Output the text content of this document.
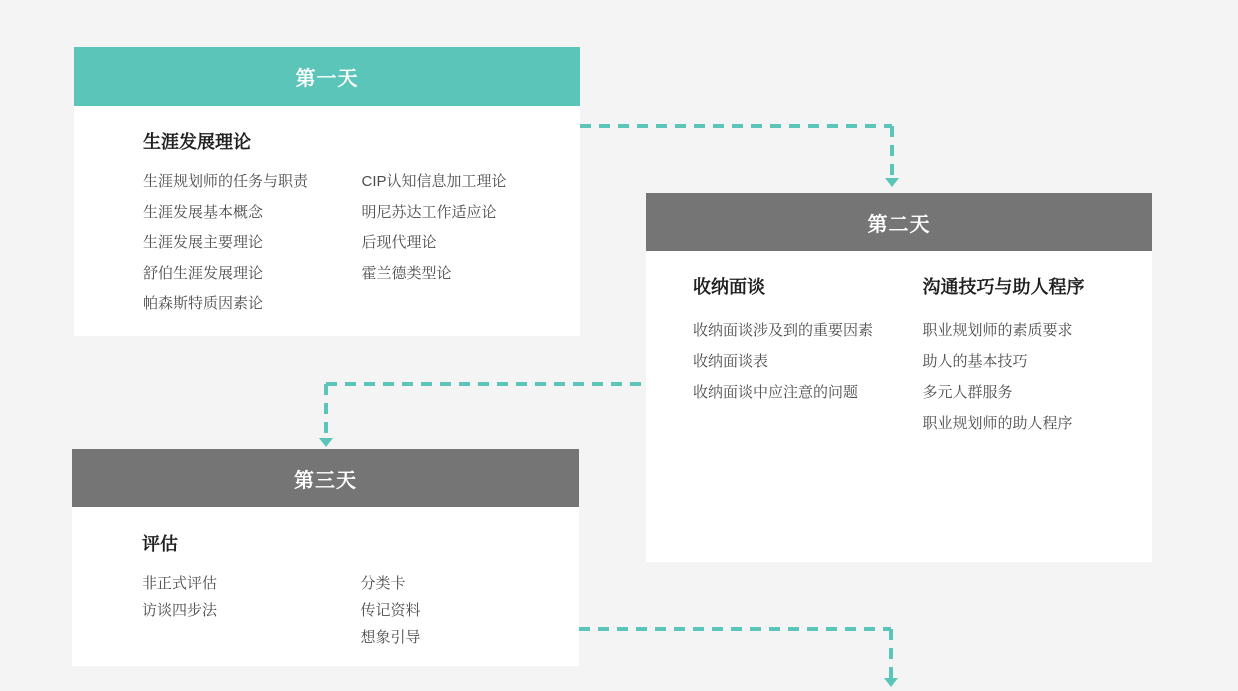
第一天
生涯发展理论
生涯规划师的任务与职责
生涯发展基本概念
生涯发展主要理论
舒伯生涯发展理论
帕森斯特质因素论
CIP认知信息加工理论
明尼苏达工作适应论
后现代理论
霍兰德类型论
第二天
收纳面谈
收纳面谈涉及到的重要因素
收纳面谈表
收纳面谈中应注意的问题
沟通技巧与助人程序
职业规划师的素质要求
助人的基本技巧
多元人群服务
职业规划师的助人程序
第三天
评估
非正式评估
访谈四步法
分类卡
传记资料
想象引导
